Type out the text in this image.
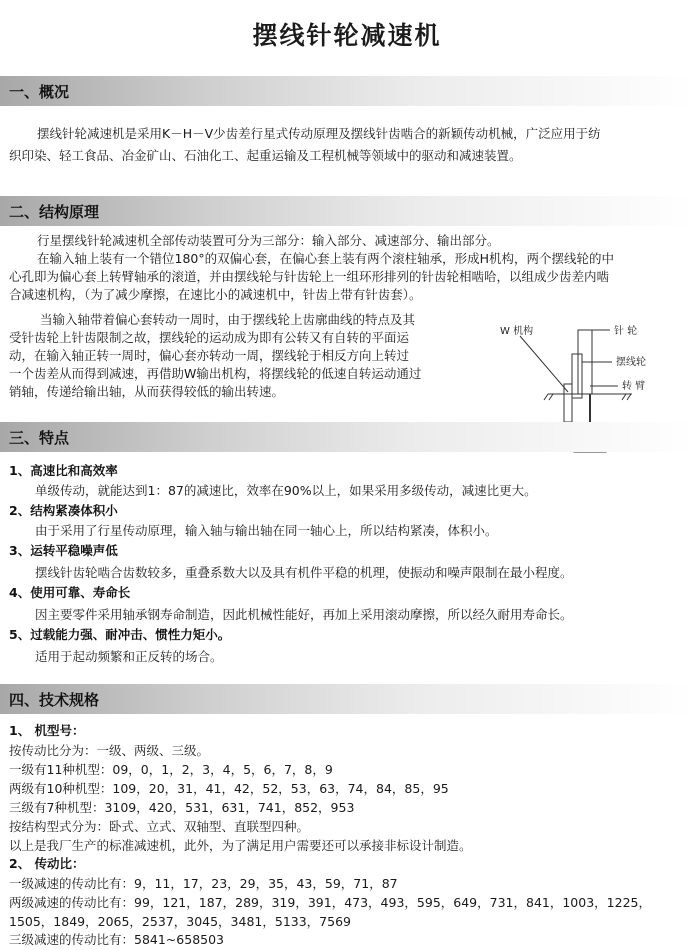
摆线针轮减速机
一、概况
摆线针轮减速机是采用K－H－V少齿差行星式传动原理及摆线针齿啮合的新颖传动机械，广泛应用于纺
织印染、轻工食品、冶金矿山、石油化工、起重运输及工程机械等领域中的驱动和减速装置。
二、结构原理
行星摆线针轮减速机全部传动装置可分为三部分：输入部分、减速部分、输出部分。
在输入轴上装有一个错位180°的双偏心套，在偏心套上装有两个滚柱轴承，形成H机构，两个摆线轮的中
心孔即为偏心套上转臂轴承的滚道，并由摆线轮与针齿轮上一组环形排列的针齿轮相啮哈，以组成少齿差内啮
合减速机构，（为了减少摩擦，在速比小的减速机中，针齿上带有针齿套）。
当输入轴带着偏心套转动一周时，由于摆线轮上齿廓曲线的特点及其
受针齿轮上针齿限制之故，摆线轮的运动成为即有公转又有自转的平面运
动，在输入轴正转一周时，偏心套亦转动一周，摆线轮于相反方向上转过
一个齿差从而得到减速，再借助W输出机构，将摆线轮的低速自转运动通过
销轴，传递给输出轴，从而获得较低的输出转速。
针 轮
W 机构
摆线轮
转 臂
三、特点
1、高速比和高效率
单级传动，就能达到1：87的减速比，效率在90%以上，如果采用多级传动，减速比更大。
2、结构紧凑体积小
由于采用了行星传动原理，输入轴与输出轴在同一轴心上，所以结构紧凑，体积小。
3、运转平稳噪声低
摆线针齿轮啮合齿数较多，重叠系数大以及具有机件平稳的机理，使振动和噪声限制在最小程度。
4、使用可靠、寿命长
因主要零件采用轴承钢寿命制造，因此机械性能好，再加上采用滚动摩擦，所以经久耐用寿命长。
5、过载能力强、耐冲击、惯性力矩小。
适用于起动频繁和正反转的场合。
四、技术规格
1、 机型号：
按传动比分为：一级、两级、三级。
一级有11种机型：09，0，1，2，3，4，5，6，7，8，9
两级有10种机型：109，20，31，41，42，52，53，63，74，84，85，95
三级有7种机型：3109，420，531，631，741，852，953
按结构型式分为：卧式、立式、双轴型、直联型四种。
以上是我厂生产的标准减速机，此外，为了满足用户需要还可以承接非标设计制造。
2、 传动比：
一级减速的传动比有：9，11，17，23，29，35，43，59，71，87
两级减速的传动比有：99，121，187，289，319，391，473，493，595，649，731，841，1003，1225，
1505，1849，2065，2537，3045，3481，5133，7569
三级减速的传动比有：5841~658503
